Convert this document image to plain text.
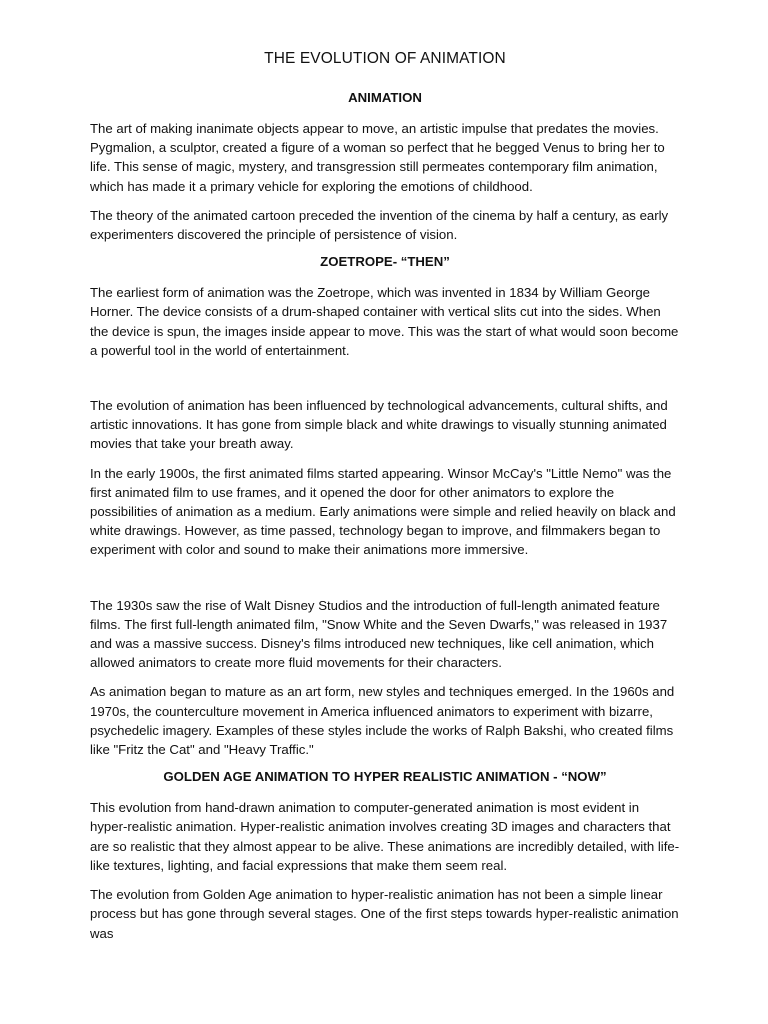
THE EVOLUTION OF ANIMATION
ANIMATION

The art of making inanimate objects appear to move, an artistic impulse that predates the movies. Pygmalion, a sculptor, created a figure of a woman so perfect that he begged Venus to bring her to life. This sense of magic, mystery, and transgression still permeates contemporary film animation, which has made it a primary vehicle for exploring the emotions of childhood.

The theory of the animated cartoon preceded the invention of the cinema by half a century, as early experimenters discovered the principle of persistence of vision.

ZOETROPE- “THEN”

The earliest form of animation was the Zoetrope, which was invented in 1834 by William George Horner. The device consists of a drum-shaped container with vertical slits cut into the sides. When the device is spun, the images inside appear to move. This was the start of what would soon become a powerful tool in the world of entertainment.

The evolution of animation has been influenced by technological advancements, cultural shifts, and artistic innovations. It has gone from simple black and white drawings to visually stunning animated movies that take your breath away.

In the early 1900s, the first animated films started appearing. Winsor McCay's "Little Nemo" was the first animated film to use frames, and it opened the door for other animators to explore the possibilities of animation as a medium. Early animations were simple and relied heavily on black and white drawings. However, as time passed, technology began to improve, and filmmakers began to experiment with color and sound to make their animations more immersive.

The 1930s saw the rise of Walt Disney Studios and the introduction of full-length animated feature films. The first full-length animated film, "Snow White and the Seven Dwarfs," was released in 1937 and was a massive success. Disney's films introduced new techniques, like cell animation, which allowed animators to create more fluid movements for their characters.

As animation began to mature as an art form, new styles and techniques emerged. In the 1960s and 1970s, the counterculture movement in America influenced animators to experiment with bizarre, psychedelic imagery. Examples of these styles include the works of Ralph Bakshi, who created films like "Fritz the Cat" and "Heavy Traffic."

GOLDEN AGE ANIMATION TO HYPER REALISTIC ANIMATION - “NOW”

This evolution from hand-drawn animation to computer-generated animation is most evident in hyper-realistic animation. Hyper-realistic animation involves creating 3D images and characters that are so realistic that they almost appear to be alive. These animations are incredibly detailed, with life-like textures, lighting, and facial expressions that make them seem real.

The evolution from Golden Age animation to hyper-realistic animation has not been a simple linear process but has gone through several stages. One of the first steps towards hyper-realistic animation was
